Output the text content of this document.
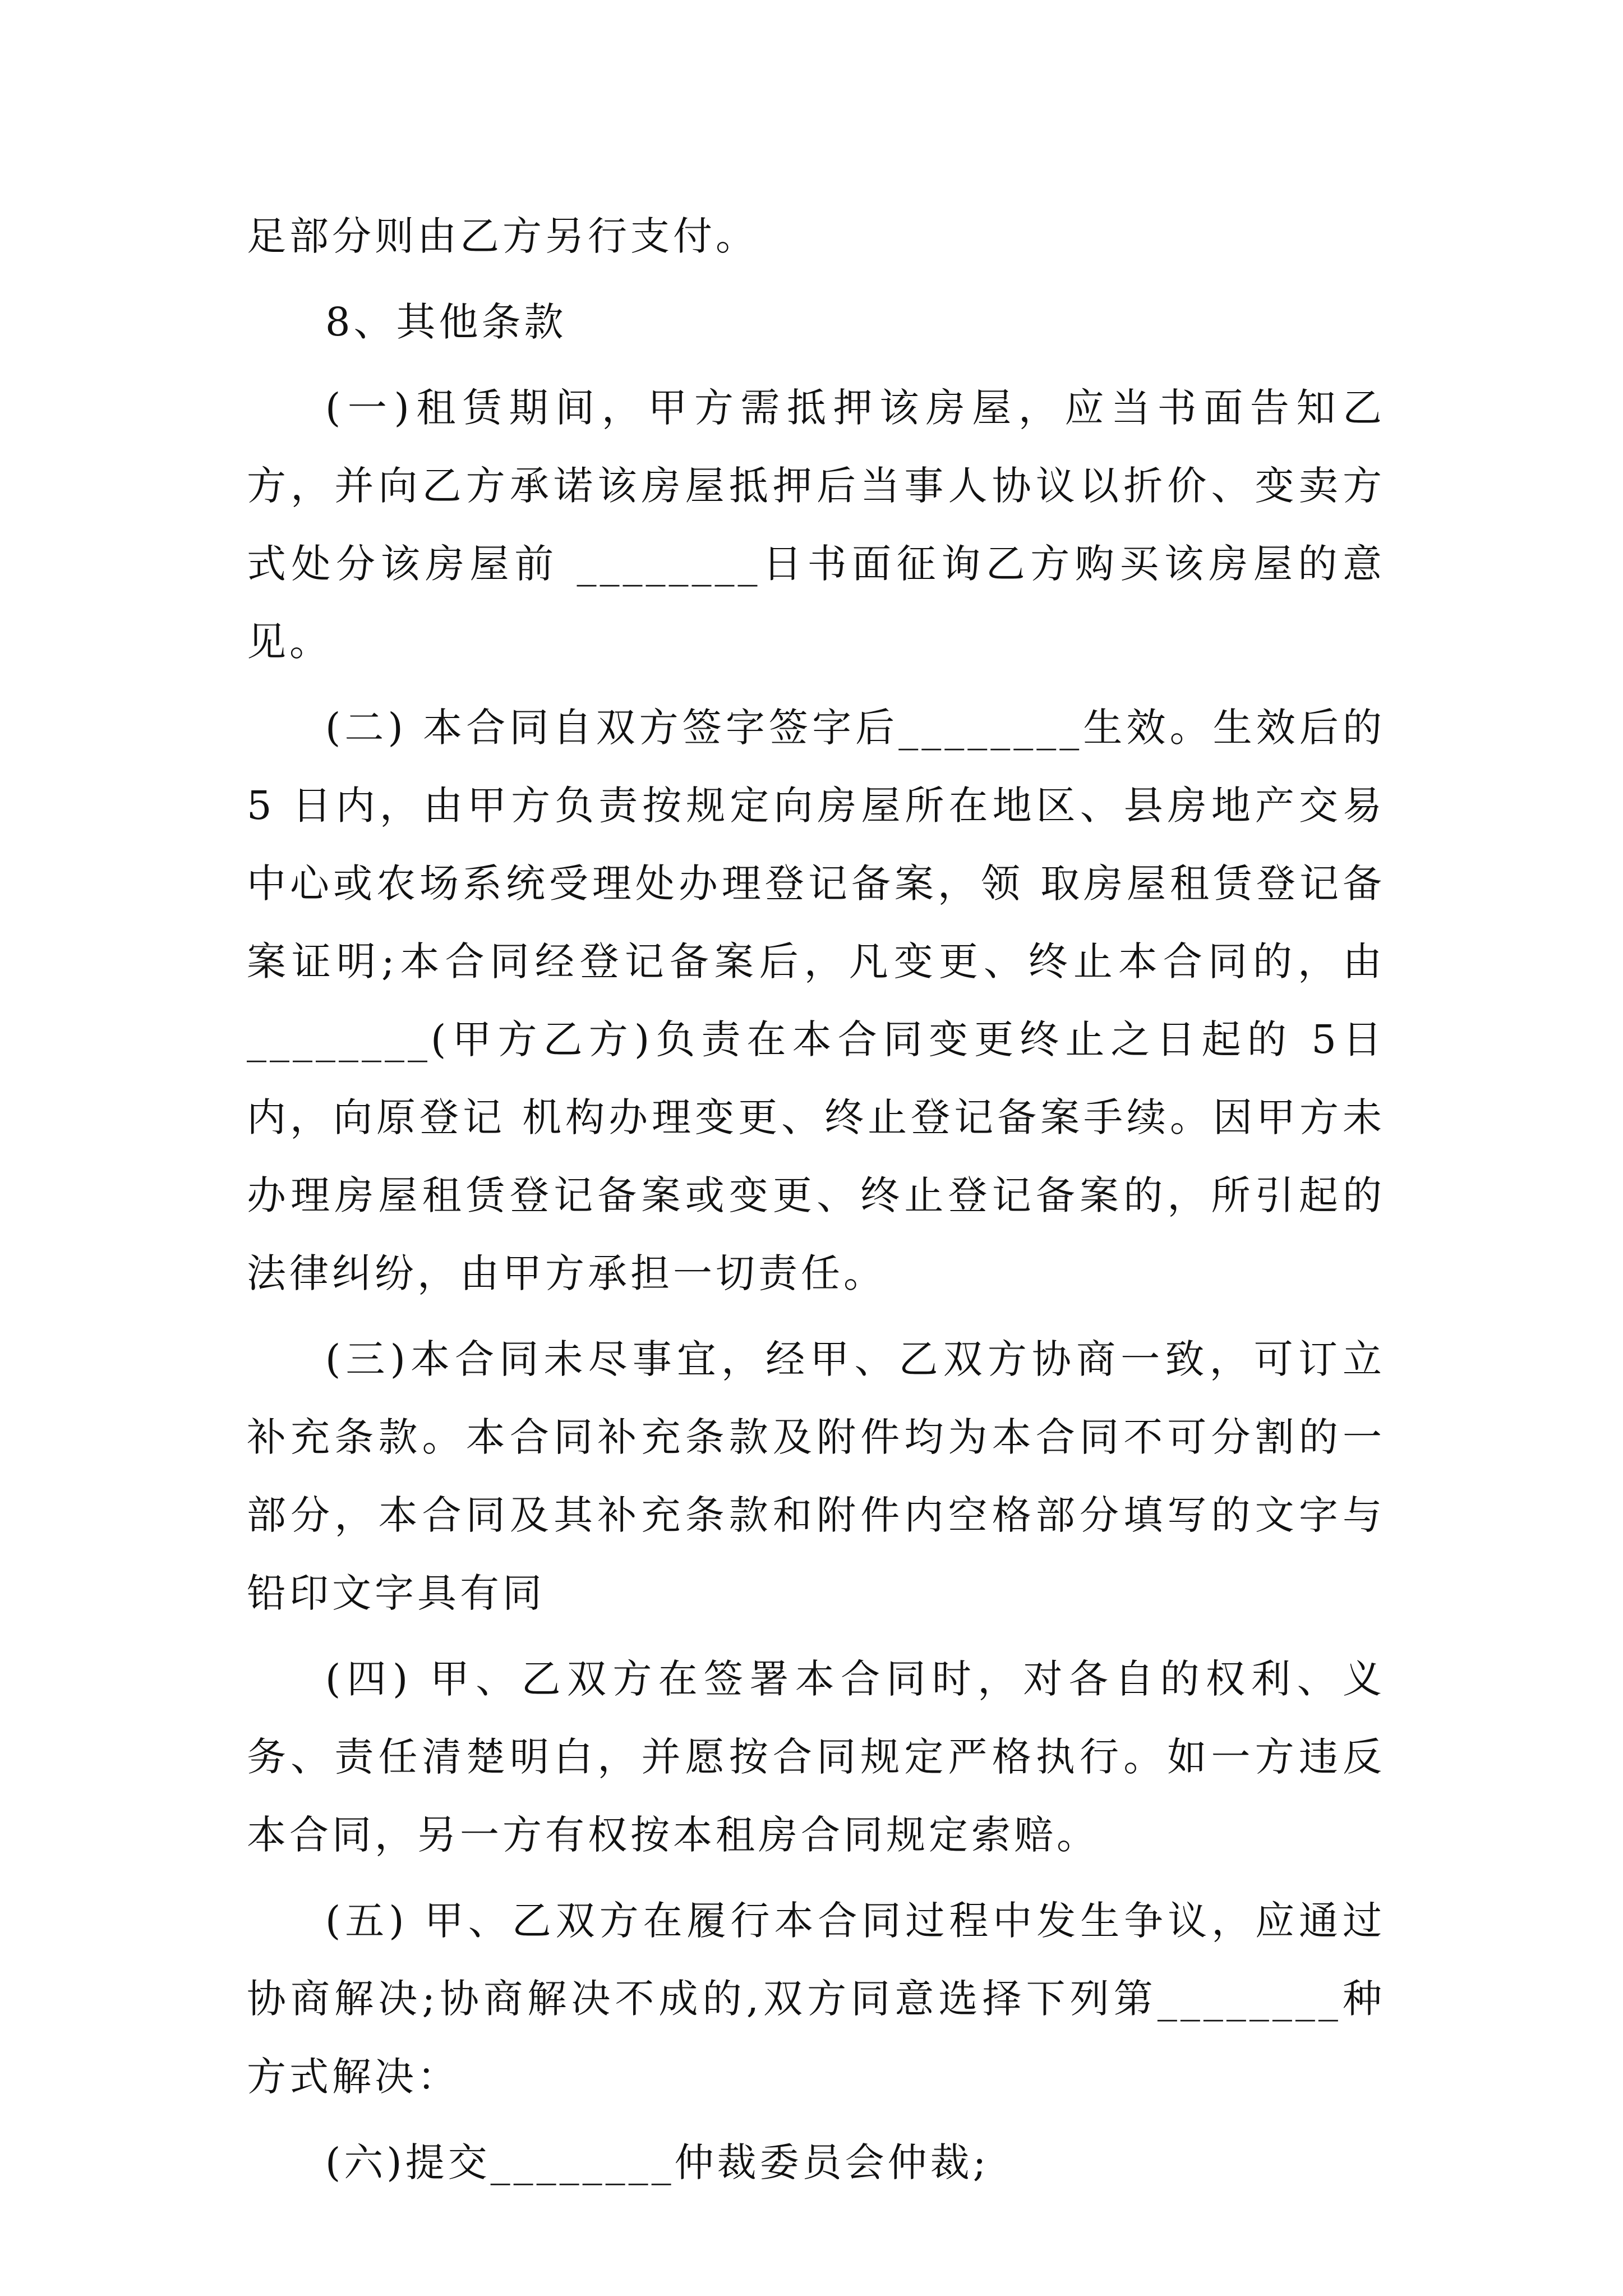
足部分则由乙方另行支付。

8、其他条款

(一)租赁期间，甲方需抵押该房屋，应当书面告知乙方，并向乙方承诺该房屋抵押后当事人协议以折价、变卖方式处分该房屋前 ________日书面征询乙方购买该房屋的意见。

(二) 本合同自双方签字签字后________生效。生效后的 5 日内，由甲方负责按规定向房屋所在地区、县房地产交易中心或农场系统受理处办理登记备案，领 取房屋租赁登记备案证明;本合同经登记备案后，凡变更、终止本合同的，由________(甲方乙方)负责在本合同变更终止之日起的 5日内，向原登记 机构办理变更、终止登记备案手续。因甲方未办理房屋租赁登记备案或变更、终止登记备案的，所引起的法律纠纷，由甲方承担一切责任。

(三)本合同未尽事宜，经甲、乙双方协商一致，可订立补充条款。本合同补充条款及附件均为本合同不可分割的一部分，本合同及其补充条款和附件内空格部分填写的文字与铅印文字具有同

(四) 甲、乙双方在签署本合同时，对各自的权利、义务、责任清楚明白，并愿按合同规定严格执行。如一方违反本合同，另一方有权按本租房合同规定索赔。

(五) 甲、乙双方在履行本合同过程中发生争议，应通过协商解决;协商解决不成的,双方同意选择下列第________种方式解决：

(六)提交________仲裁委员会仲裁;
